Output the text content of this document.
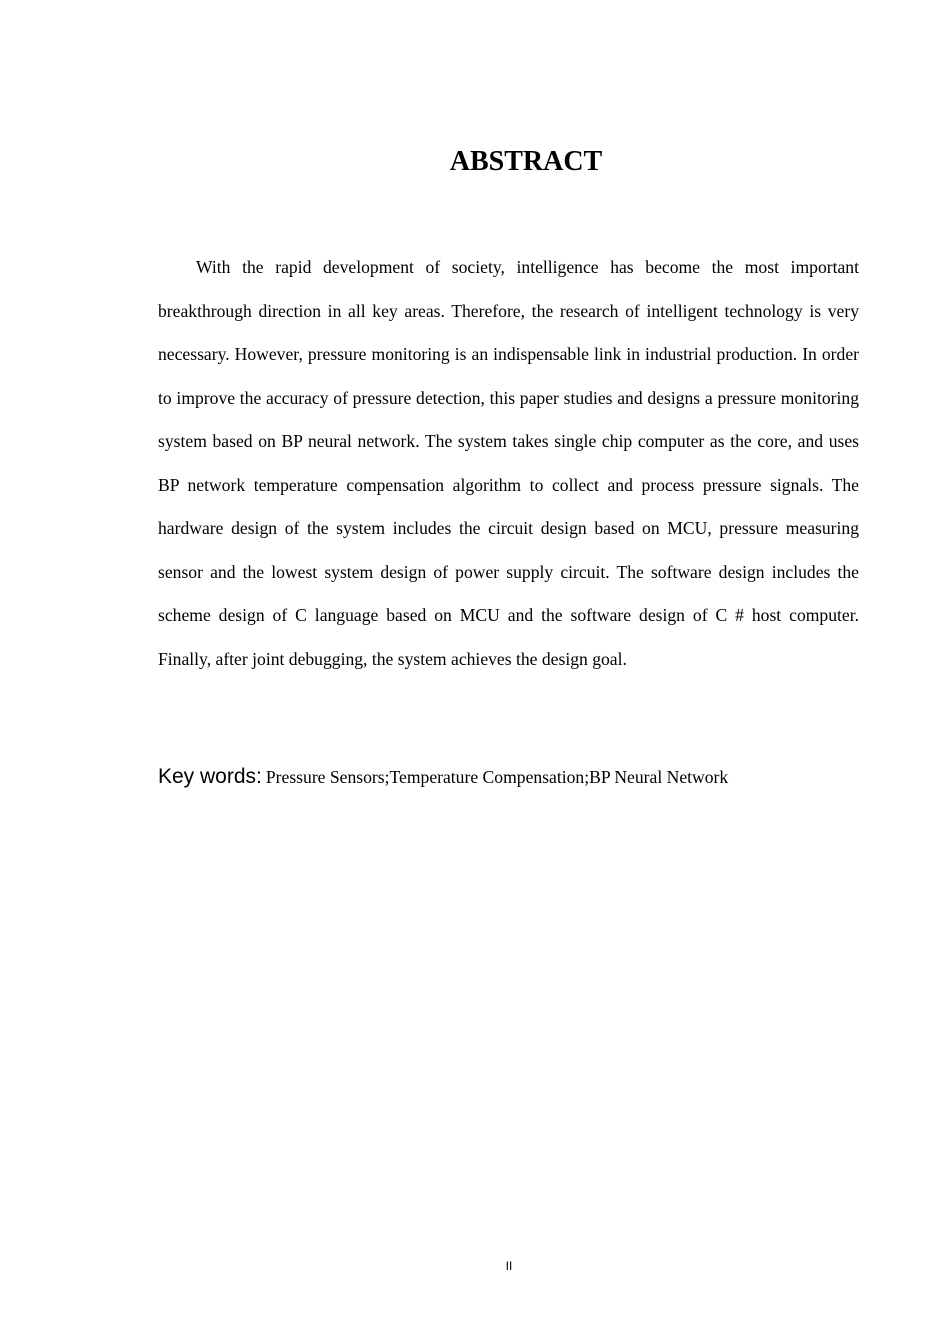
ABSTRACT

With the rapid development of society, intelligence has become the most important breakthrough direction in all key areas. Therefore, the research of intelligent technology is very necessary. However, pressure monitoring is an indispensable link in industrial production. In order to improve the accuracy of pressure detection, this paper studies and designs a pressure monitoring system based on BP neural network. The system takes single chip computer as the core, and uses BP network temperature compensation algorithm to collect and process pressure signals. The hardware design of the system includes the circuit design based on MCU, pressure measuring sensor and the lowest system design of power supply circuit. The software design includes the scheme design of C language based on MCU and the software design of C # host computer. Finally, after joint debugging, the system achieves the design goal.

Key words: Pressure Sensors;Temperature Compensation;BP Neural Network

II
